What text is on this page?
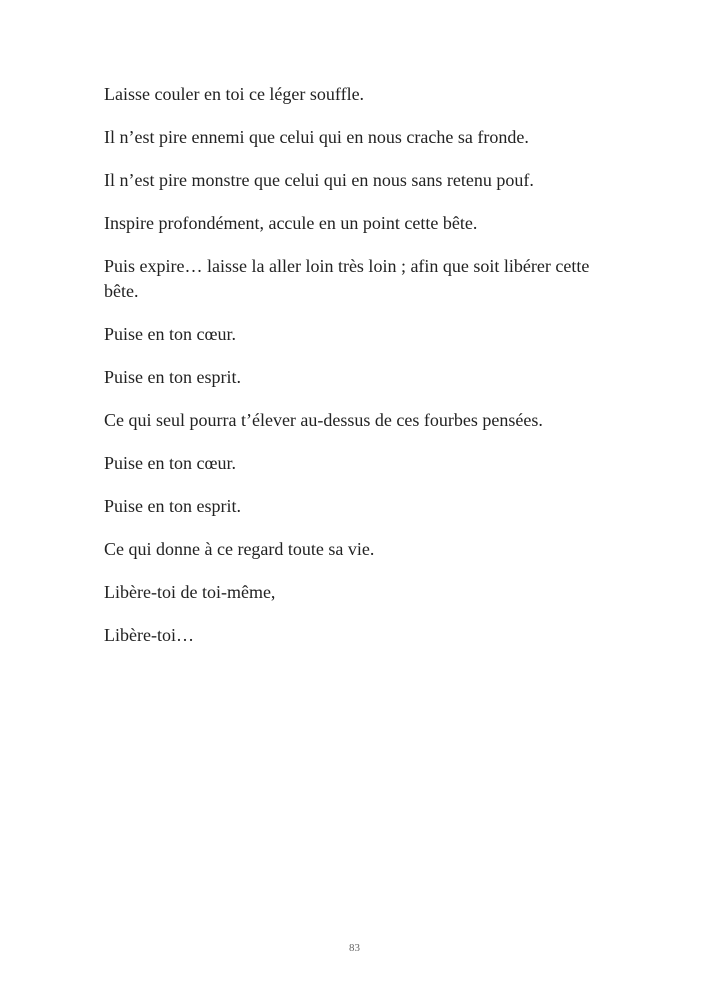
Laisse couler en toi ce léger souffle.

Il n’est pire ennemi que celui qui en nous crache sa fronde.

Il n’est pire monstre que celui qui en nous sans retenu pouf.

Inspire profondément, accule en un point cette bête.

Puis expire… laisse la aller loin très loin ; afin que soit libérer cette bête.

Puise en ton cœur.

Puise en ton esprit.

Ce qui seul pourra t’élever au-dessus de ces fourbes pensées.

Puise en ton cœur.

Puise en ton esprit.

Ce qui donne à ce regard toute sa vie.

Libère-toi de toi-même,

Libère-toi…

83
